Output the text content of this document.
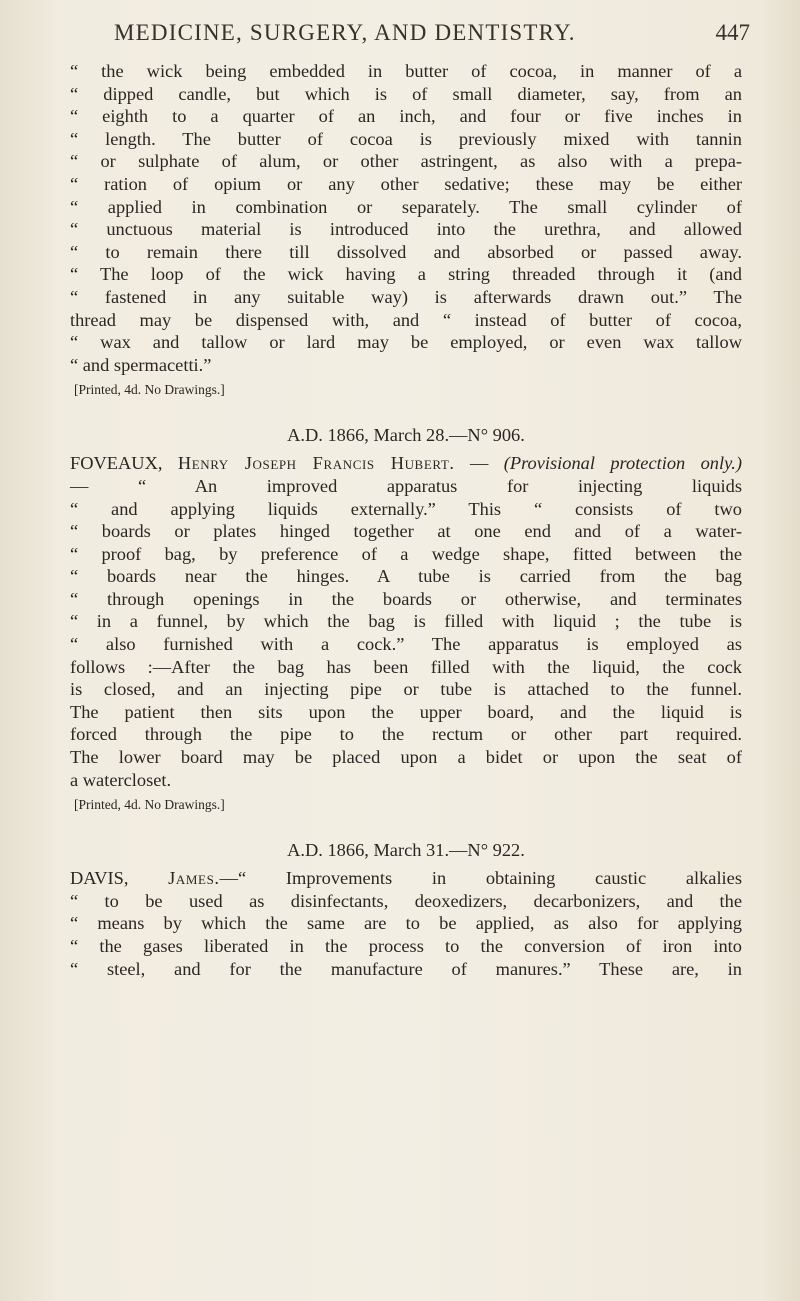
MEDICINE, SURGERY, AND DENTISTRY.	447
“ the wick being embedded in butter of cocoa, in manner of a
“ dipped candle, but which is of small diameter, say, from an
“ eighth to a quarter of an inch, and four or five inches in
“ length. The butter of cocoa is previously mixed with tannin
“ or sulphate of alum, or other astringent, as also with a prepa-
“ ration of opium or any other sedative; these may be either
“ applied in combination or separately. The small cylinder of
“ unctuous material is introduced into the urethra, and allowed
“ to remain there till dissolved and absorbed or passed away.
“ The loop of the wick having a string threaded through it (and
“ fastened in any suitable way) is afterwards drawn out.” The
thread may be dispensed with, and “ instead of butter of cocoa,
“ wax and tallow or lard may be employed, or even wax tallow
“ and spermacetti.”
[Printed, 4d. No Drawings.]
A.D. 1866, March 28.—N° 906.
FOVEAUX, Henry Joseph Francis Hubert. — (Provisional protection only.)
— “ An improved apparatus for injecting liquids
“ and applying liquids externally.” This “ consists of two
“ boards or plates hinged together at one end and of a water-
“ proof bag, by preference of a wedge shape, fitted between the
“ boards near the hinges. A tube is carried from the bag
“ through openings in the boards or otherwise, and terminates
“ in a funnel, by which the bag is filled with liquid ; the tube is
“ also furnished with a cock.” The apparatus is employed as
follows :—After the bag has been filled with the liquid, the cock
is closed, and an injecting pipe or tube is attached to the funnel.
The patient then sits upon the upper board, and the liquid is
forced through the pipe to the rectum or other part required.
The lower board may be placed upon a bidet or upon the seat of
a watercloset.
[Printed, 4d. No Drawings.]
A.D. 1866, March 31.—N° 922.
DAVIS, James.—“ Improvements in obtaining caustic alkalies
“ to be used as disinfectants, deoxedizers, decarbonizers, and the
“ means by which the same are to be applied, as also for applying
“ the gases liberated in the process to the conversion of iron into
“ steel, and for the manufacture of manures.” These are, in
